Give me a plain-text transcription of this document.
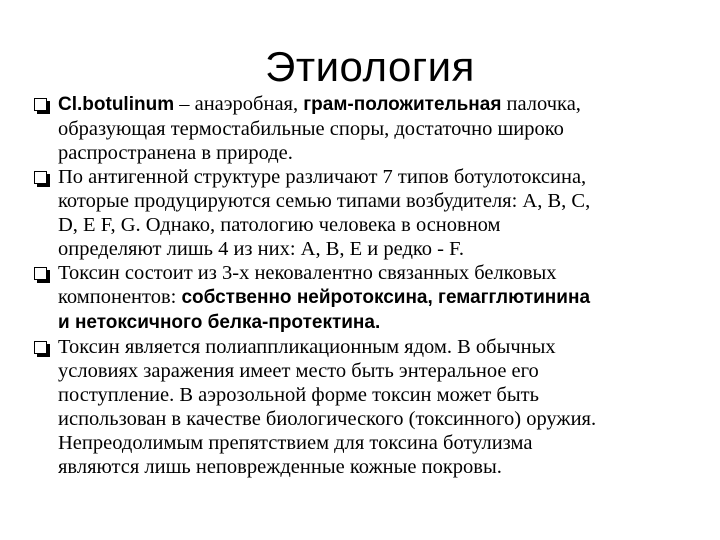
Этиология
Cl.botulinum – анаэробная, грам-положительная палочка,
образующая термостабильные споры, достаточно широко
распространена в природе.
По антигенной структуре различают 7 типов ботулотоксина,
которые продуцируются семью типами возбудителя: А, В, С,
D, Е F, G. Однако, патологию человека в основном
определяют лишь 4 из них: А, В, Е и редко - F.
Токсин состоит из 3-х нековалентно связанных белковых
компонентов: собственно нейротоксина, гемагглютинина
и нетоксичного белка-протектина.
Токсин является полиаппликационным ядом. В обычных
условиях заражения имеет место быть энтеральное его
поступление. В аэрозольной форме токсин может быть
использован в качестве биологического (токсинного) оружия.
Непреодолимым препятствием для токсина ботулизма
являются лишь неповрежденные кожные покровы.
